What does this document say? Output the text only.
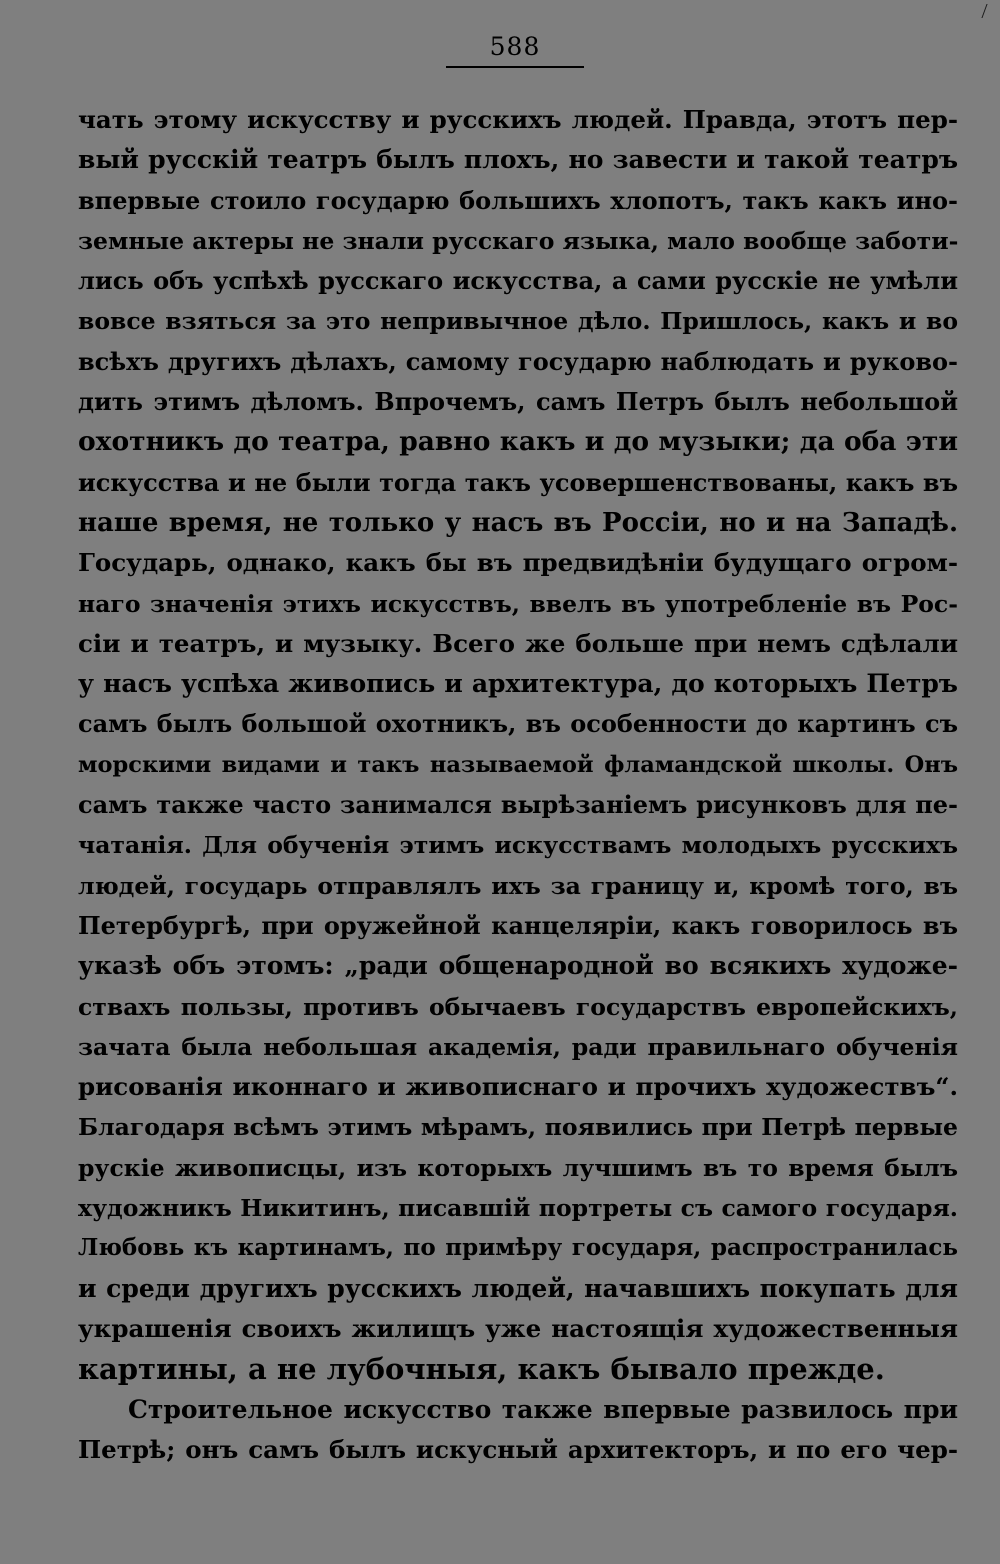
588
чать этому искусству и русскихъ людей. Правда, этотъ пер-
вый русскій театръ былъ плохъ, но завести и такой театръ
впервые стоило государю большихъ хлопотъ, такъ какъ ино-
земные актеры не знали русскаго языка, мало вообще заботи-
лись объ успѣхѣ русскаго искусства, а сами русскіе не умѣли
вовсе взяться за это непривычное дѣло. Пришлось, какъ и во
всѣхъ другихъ дѣлахъ, самому государю наблюдать и руково-
дить этимъ дѣломъ. Впрочемъ, самъ Петръ былъ небольшой
охотникъ до театра, равно какъ и до музыки; да оба эти
искусства и не были тогда такъ усовершенствованы, какъ въ
наше время, не только у насъ въ Россіи, но и на Западѣ.
Государь, однако, какъ бы въ предвидѣніи будущаго огром-
наго значенія этихъ искусствъ, ввелъ въ употребленіе въ Рос-
сіи и театръ, и музыку. Всего же больше при немъ сдѣлали
у насъ успѣха живопись и архитектура, до которыхъ Петръ
самъ былъ большой охотникъ, въ особенности до картинъ съ
морскими видами и такъ называемой фламандской школы. Онъ
самъ также часто занимался вырѣзаніемъ рисунковъ для пе-
чатанія. Для обученія этимъ искусствамъ молодыхъ русскихъ
людей, государь отправлялъ ихъ за границу и, кромѣ того, въ
Петербургѣ, при оружейной канцеляріи, какъ говорилось въ
указѣ объ этомъ: „ради общенародной во всякихъ художе-
ствахъ пользы, противъ обычаевъ государствъ европейскихъ,
зачата была небольшая академія, ради правильнаго обученія
рисованія иконнаго и живописнаго и прочихъ художествъ“.
Благодаря всѣмъ этимъ мѣрамъ, появились при Петрѣ первые
рускіе живописцы, изъ которыхъ лучшимъ въ то время былъ
художникъ Никитинъ, писавшій портреты съ самого государя.
Любовь къ картинамъ, по примѣру государя, распространилась
и среди другихъ русскихъ людей, начавшихъ покупать для
украшенія своихъ жилищъ уже настоящія художественныя
картины, а не лубочныя, какъ бывало прежде.
Строительное искусство также впервые развилось при
Петрѣ; онъ самъ былъ искусный архитекторъ, и по его чер-
